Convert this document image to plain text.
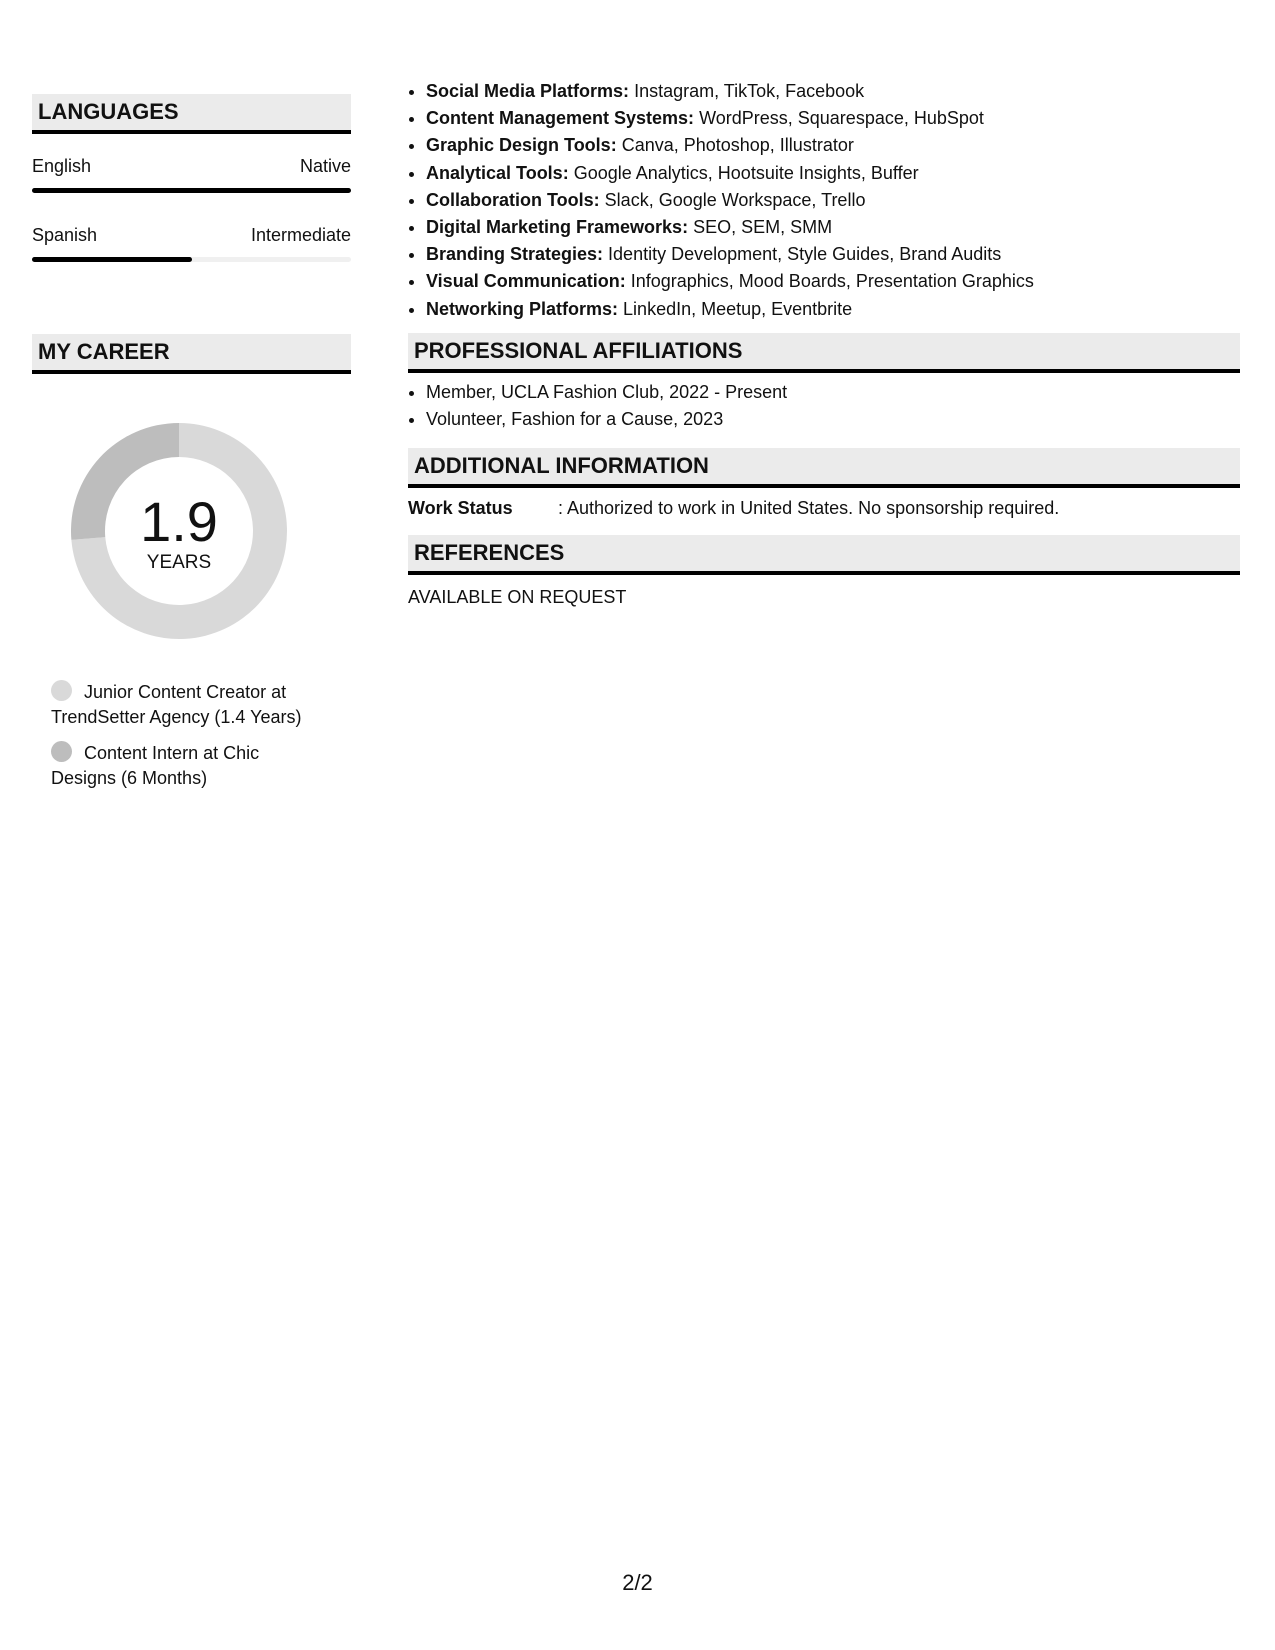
LANGUAGES
English	Native
Spanish	Intermediate
MY CAREER
1.9
YEARS
Junior Content Creator at TrendSetter Agency (1.4 Years)
Content Intern at Chic Designs (6 Months)
• Social Media Platforms: Instagram, TikTok, Facebook
• Content Management Systems: WordPress, Squarespace, HubSpot
• Graphic Design Tools: Canva, Photoshop, Illustrator
• Analytical Tools: Google Analytics, Hootsuite Insights, Buffer
• Collaboration Tools: Slack, Google Workspace, Trello
• Digital Marketing Frameworks: SEO, SEM, SMM
• Branding Strategies: Identity Development, Style Guides, Brand Audits
• Visual Communication: Infographics, Mood Boards, Presentation Graphics
• Networking Platforms: LinkedIn, Meetup, Eventbrite
PROFESSIONAL AFFILIATIONS
• Member, UCLA Fashion Club, 2022 - Present
• Volunteer, Fashion for a Cause, 2023
ADDITIONAL INFORMATION
Work Status	: Authorized to work in United States. No sponsorship required.
REFERENCES
AVAILABLE ON REQUEST
2/2
